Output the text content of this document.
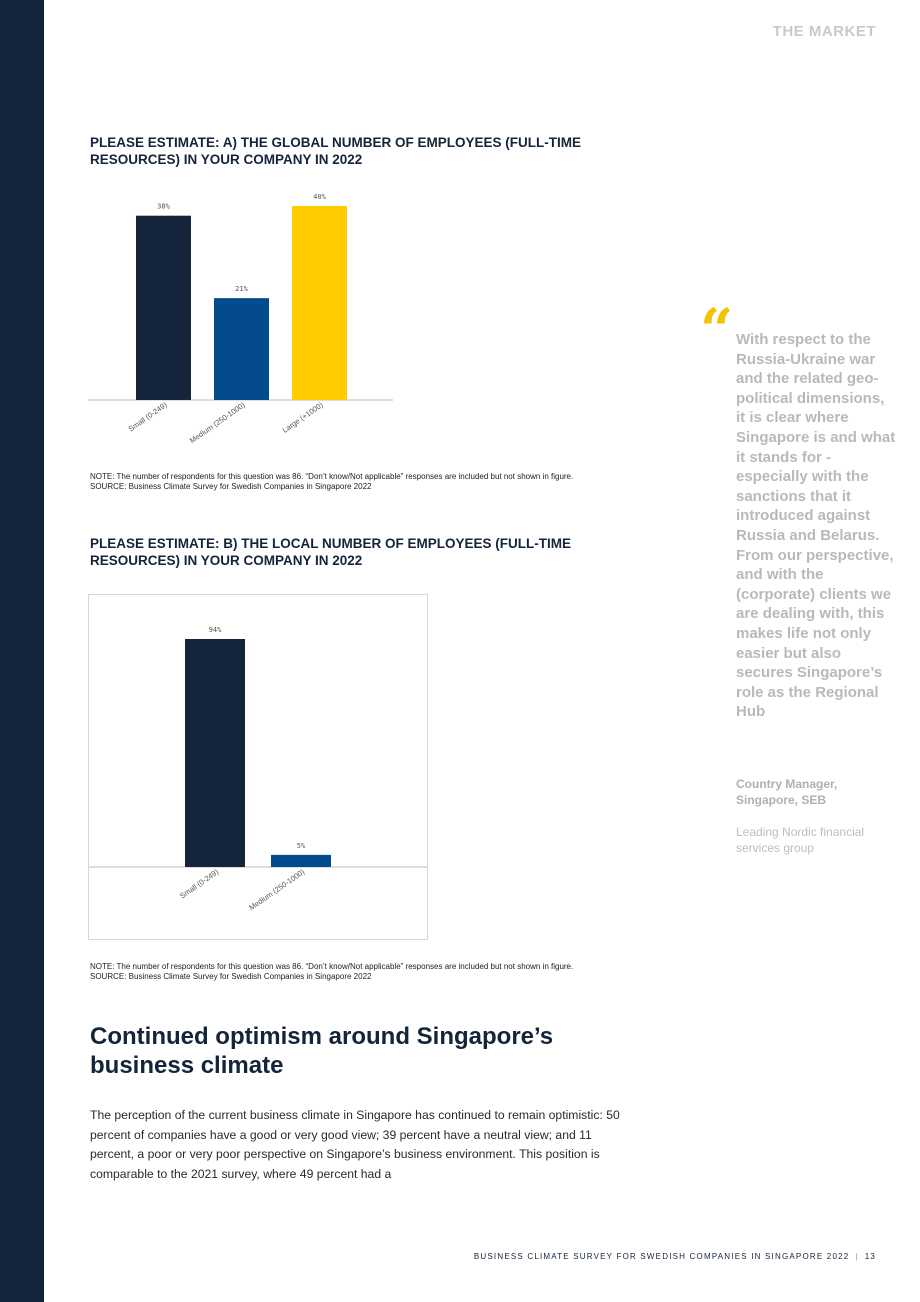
THE MARKET
PLEASE ESTIMATE: A) THE GLOBAL NUMBER OF EMPLOYEES (FULL-TIME RESOURCES) IN YOUR COMPANY IN 2022
38%
Small (0-249)
21%
Medium (250-1000)
40%
Large (+1000)
NOTE: The number of respondents for this question was 86. “Don’t know/Not applicable” responses are included but not shown in figure.
SOURCE: Business Climate Survey for Swedish Companies in Singapore 2022
PLEASE ESTIMATE: B) THE LOCAL NUMBER OF EMPLOYEES (FULL-TIME RESOURCES) IN YOUR COMPANY IN 2022
94%
Small (0-249)
5%
Medium (250-1000)
NOTE: The number of respondents for this question was 86. “Don’t know/Not applicable” responses are included but not shown in figure.
SOURCE: Business Climate Survey for Swedish Companies in Singapore 2022
Continued optimism around Singapore’s business climate
The perception of the current business climate in Singapore has continued to remain optimistic: 50 percent of companies have a good or very good view; 39 percent have a neutral view; and 11 percent, a poor or very poor perspective on Singapore’s business environment. This position is comparable to the 2021 survey, where 49 percent had a
“ With respect to the Russia-Ukraine war and the related geo-political dimensions, it is clear where Singapore is and what it stands for - especially with the sanctions that it introduced against Russia and Belarus. From our perspective, and with the (corporate) clients we are dealing with, this makes life not only easier but also secures Singapore’s role as the Regional Hub
Country Manager, Singapore, SEB
Leading Nordic financial services group
BUSINESS CLIMATE SURVEY FOR SWEDISH COMPANIES IN SINGAPORE 2022 | 13
